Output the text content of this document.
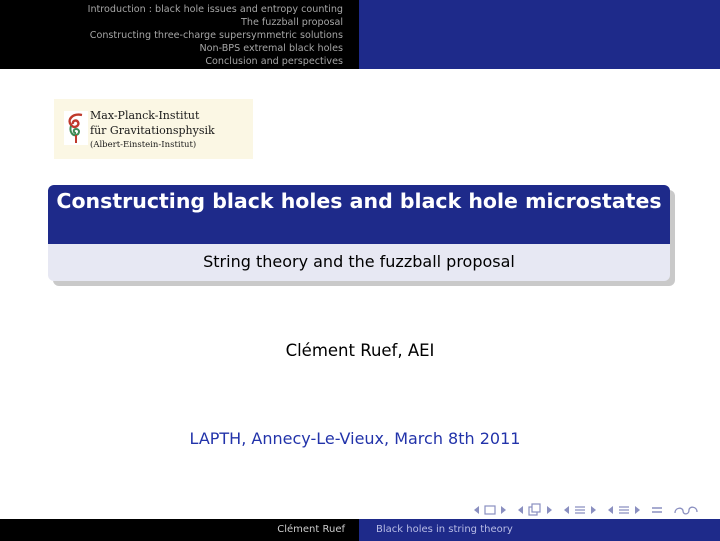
Introduction : black hole issues and entropy counting
The fuzzball proposal
Constructing three-charge supersymmetric solutions
Non-BPS extremal black holes
Conclusion and perspectives
Max-Planck-Institut
für Gravitationsphysik
(Albert-Einstein-Institut)
Constructing black holes and black hole microstates
String theory and the fuzzball proposal
Clément Ruef, AEI
LAPTH, Annecy-Le-Vieux, March 8th 2011
Clément Ruef	Black holes in string theory
